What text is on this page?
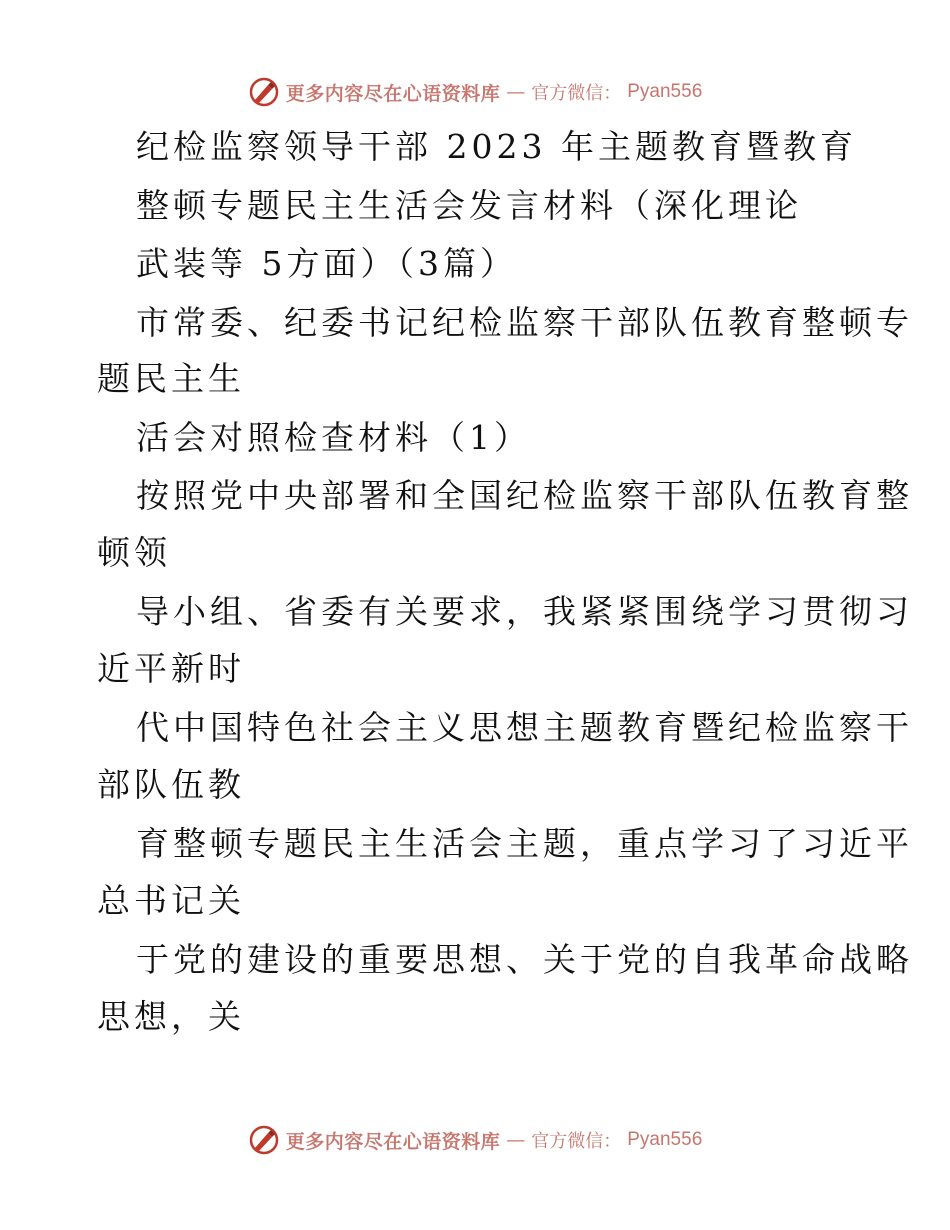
更多内容尽在心语资料库 — 官方微信： Pyan556
纪检监察领导干部 2023 年主题教育暨教育
整顿专题民主生活会发言材料（深化理论
武装等 5方面）（3篇）
市常委、纪委书记纪检监察干部队伍教育整顿专
题民主生
活会对照检查材料（1）
按照党中央部署和全国纪检监察干部队伍教育整
顿领
导小组、省委有关要求，我紧紧围绕学习贯彻习
近平新时
代中国特色社会主义思想主题教育暨纪检监察干
部队伍教
育整顿专题民主生活会主题，重点学习了习近平
总书记关
于党的建设的重要思想、关于党的自我革命战略
思想，关
更多内容尽在心语资料库 — 官方微信： Pyan556
